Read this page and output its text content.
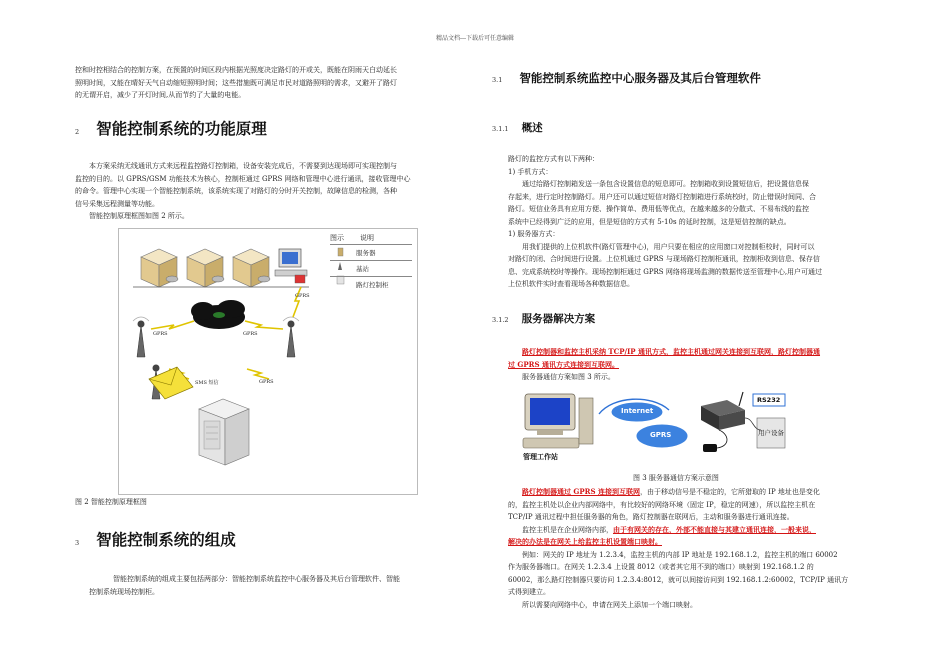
精品文档---下载后可任意编辑

控和时控相结合的控制方案，在预置的时间区段内根据光照度决定路灯的开或关，既能在阴雨天白动延长

照明时间，又能在晴好天气自动缩短照明时间；这些措施既可满足市民对道路照明的需求，又避开了路灯

的无谓开启，减少了开灯时间,从而节约了大量的电能。

2 智能控制系统的功能原理

本方案采纳无线通讯方式来远程监控路灯控制箱，设备安装完成后，不需要到达现场即可实现控制与

监控的目的。以 GPRS/GSM 功能技术为核心，控制柜通过 GPRS 网络和管理中心进行通讯，接收管理中心

的命令。管理中心实现一个智能控制系统，该系统实现了对路灯的分时开关控制，故障信息的检测，各种

信号采集远程测量等功能。

智能控制原理框图如图 2 所示。

图示 说明
服务器
基站
路灯控制柜
GPRS
GPRS	GPRS
GPRS
SMS 短信
图 2 智能控制原理框图
3 智能控制系统的组成

智能控制系统的组成主要包括两部分：智能控制系统监控中心服务器及其后台管理软件、智能

控制系统现场控制柜。

3.1 智能控制系统监控中心服务器及其后台管理软件
3.1.1 概述

路灯的监控方式有以下两种：

1) 手机方式：

通过给路灯控制箱发送一条包含设置信息的短息即可。控制箱收到设置短信后，把设置信息保

存起来，进行定时控制路灯。用户还可以通过短信对路灯控制箱进行系统校时，防止错误时间同、合

路灯。短信业务具有应用方便、操作简单、费用低等优点，在越来越多的分散式、不易布线的监控

系统中已经得到广泛的应用，但是短信的方式有 5-10s 的延时控制，这是短信控制的缺点。

1) 服务器方式：

用我们提供的上位机软件(路灯管理中心)，用户只要在相应的应用窗口对控制柜校时，同时可以

对路灯的闭、合时间进行设置。上位机通过 GPRS 与现场路灯控制柜通讯，控制柜收到信息、保存信

息、完成系统校时等操作。现场控制柜通过 GPRS 网络将现场监测的数据传送至管理中心,用户可通过

上位机软件实时查看现场各种数据信息。

3.1.2 服务器解决方案

路灯控制器和监控主机采纳 TCP/IP 通讯方式，监控主机通过网关连接到互联网，路灯控制器通

过 GPRS 通讯方式连接到互联网。

服务器通信方案如图 3 所示。

Internet
GPRS
RS232
管理工作站
用户设备
图 3 服务器通信方案示意图

路灯控制器通过 GPRS 连接到互联网，由于移动信号是不稳定的，它所猎取的 IP 地址也是变化

的，监控主机处以企业内部网络中，有比较好的网络环境（固定 IP，稳定的网速），所以监控主机在

TCP/IP 通讯过程中担任服务器的角色，路灯控制器在联网后，主动和服务器进行通讯连接。

监控主机是在企业网络内部，由于有网关的存在，外部不能直接与其建立通讯连接，一般来说，

解决的办法是在网关上给监控主机设置端口映射。

例如：网关的 IP 地址为 1.2.3.4，监控主机的内部 IP 地址是 192.168.1.2，监控主机的端口 60002

作为服务器端口。在网关 1.2.3.4 上设置 8012（或者其它用不到的端口）映射到 192.168.1.2 的

60002，那么路灯控制器只要访问 1.2.3.4:8012，就可以间接访问到 192.168.1.2:60002，TCP/IP 通讯方

式得到建立。

所以需要向网络中心，申请在网关上添加一个端口映射。
